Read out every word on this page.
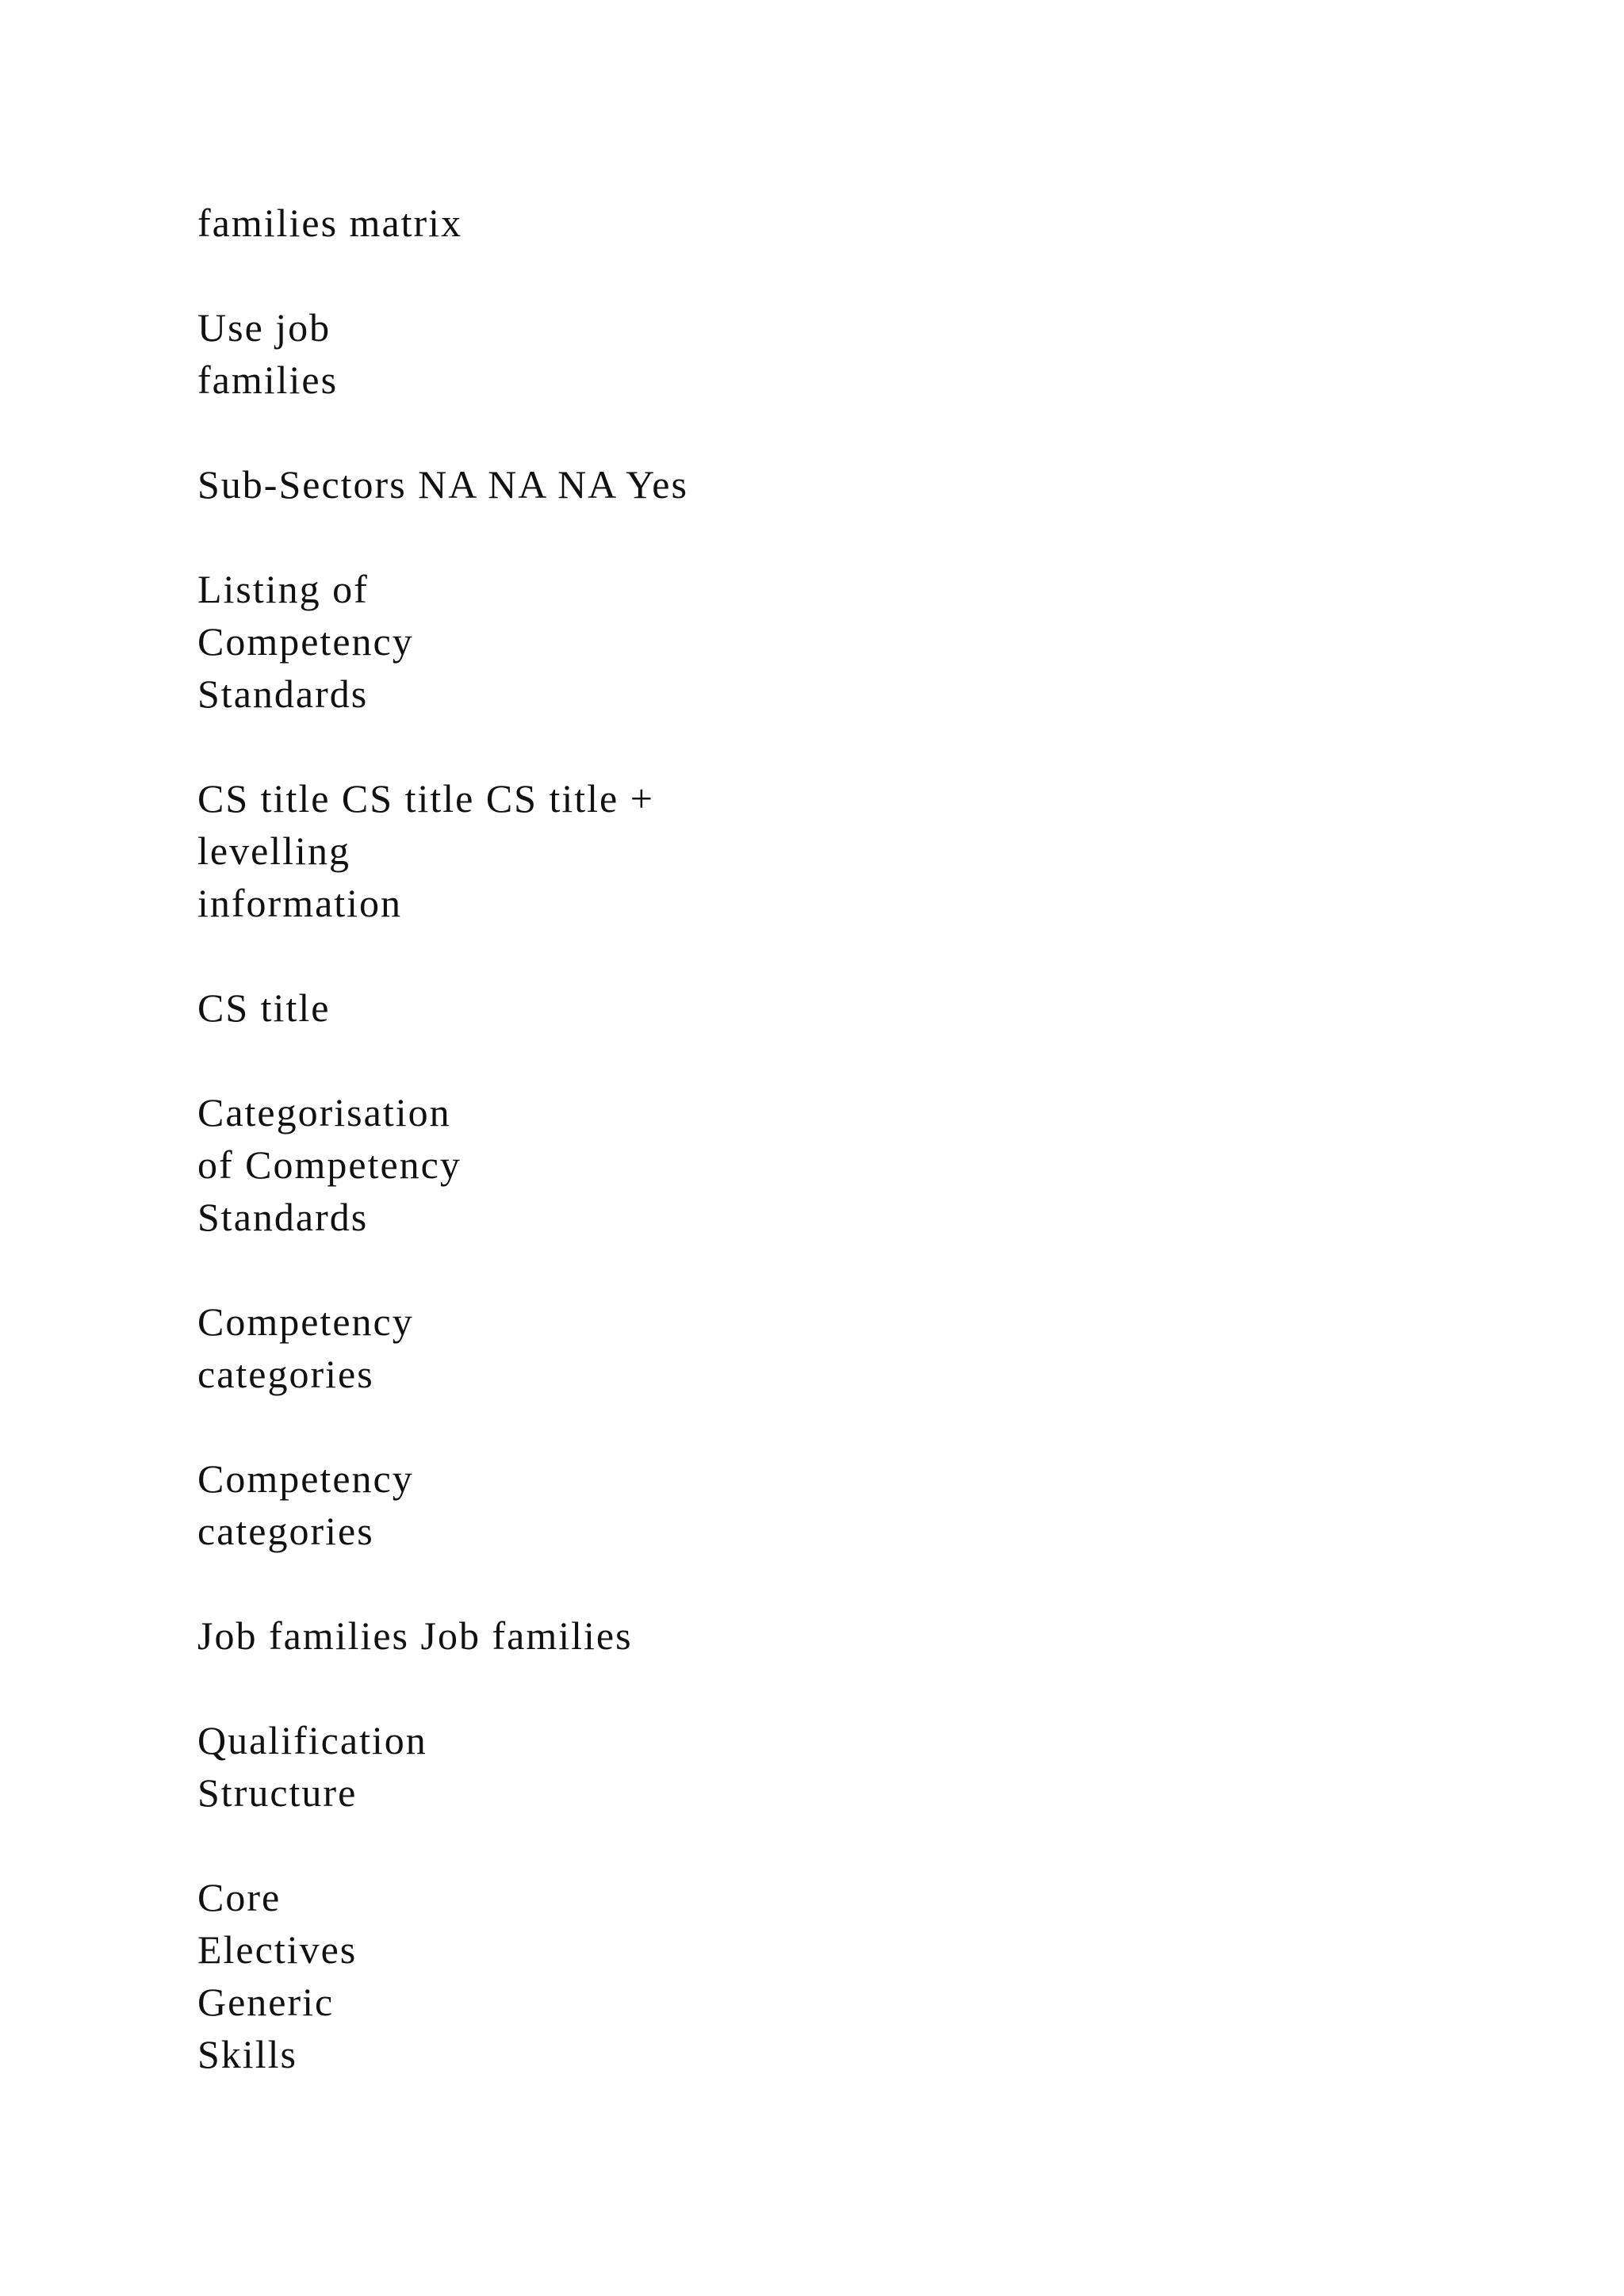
families matrix

Use job
families

Sub-Sectors NA NA NA Yes

Listing of
Competency
Standards

CS title CS title CS title +
levelling
information

CS title

Categorisation
of Competency
Standards

Competency
categories

Competency
categories

Job families Job families

Qualification
Structure

Core
Electives
Generic
Skills
